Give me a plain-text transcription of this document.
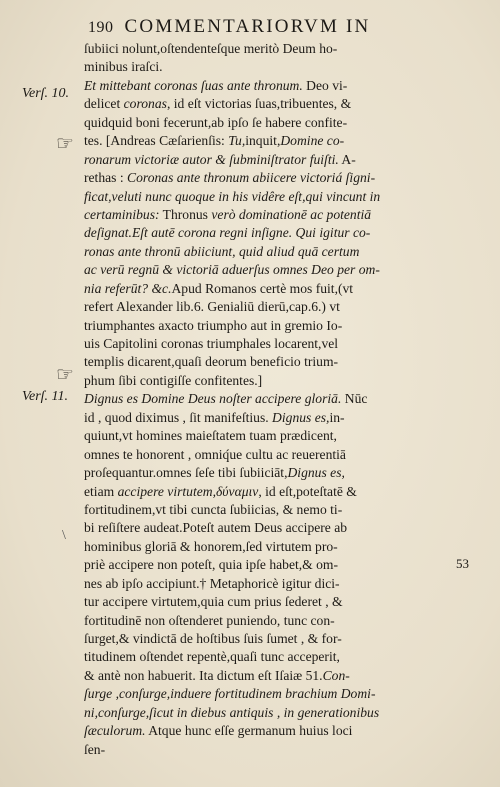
190 COMMENTARIORVM IN
Verſ. 10.
Verſ. 11.
☞
☞
\
53
ſubiici nolunt,oſtendenteſque meritò Deum ho-
minibus iraſci.
Et mittebant coronas ſuas ante thronum. Deo vi-
delicet coronas, id eſt victorias ſuas,tribuentes, &
quidquid boni fecerunt,ab ipſo ſe habere confite-
tes. [Andreas Cæſarienſis: Tu,inquit,Domine co-
ronarum victoriæ autor & ſubminiſtrator fuiſti. A-
rethas : Coronas ante thronum abiicere victoriá ſigni-
ficat,veluti nunc quoque in his vidêre eſt,qui vincunt in
certaminibus: Thronus verò dominationē ac potentiā
deſignat.Eſt autē corona regni inſigne. Qui igitur co-
ronas ante thronū abiiciunt, quid aliud quā certum
ac verū regnū & victoriā aduerſus omnes Deo per om-
nia referūt? &c.Apud Romanos certè mos fuit,(vt
refert Alexander lib.6. Genialiū dierū,cap.6.) vt
triumphantes axacto triumpho aut in gremio Io-
uis Capitolini coronas triumphales locarent,vel
templis dicarent,quaſi deorum beneficio trium-
phum ſibi contigiſſe confitentes.]
Dignus es Domine Deus noſter accipere gloriā. Nūc
id , quod diximus , ſit manifeſtius. Dignus es,in-
quiunt,vt homines maieſtatem tuam prædicent,
omnes te honorent , omniq́ue cultu ac reuerentiā
proſequantur.omnes ſeſe tibi ſubiiciāt,Dignus es,
etiam accipere virtutem,δύναμιν, id eſt,poteſtatē &
fortitudinem,vt tibi cuncta ſubiicias, & nemo ti-
bi reſiſtere audeat.Poteſt autem Deus accipere ab
hominibus gloriā & honorem,ſed virtutem pro-
priè accipere non poteſt, quia ipſe habet,& om-
nes ab ipſo accipiunt.† Metaphoricè igitur dici-
tur accipere virtutem,quia cum prius ſederet , &
fortitudinē non oſtenderet puniendo, tunc con-
ſurget,& vindictā de hoſtibus ſuis ſumet , & for-
titudinem oſtendet repentè,quaſi tunc acceperit,
& antè non habuerit. Ita dictum eſt Iſaiæ 51.Con-
ſurge ,conſurge,induere fortitudinem brachium Domi-
ni,conſurge,ſicut in diebus antiquis , in generationibus
ſæculorum. Atque hunc eſſe germanum huius loci
ſen-
